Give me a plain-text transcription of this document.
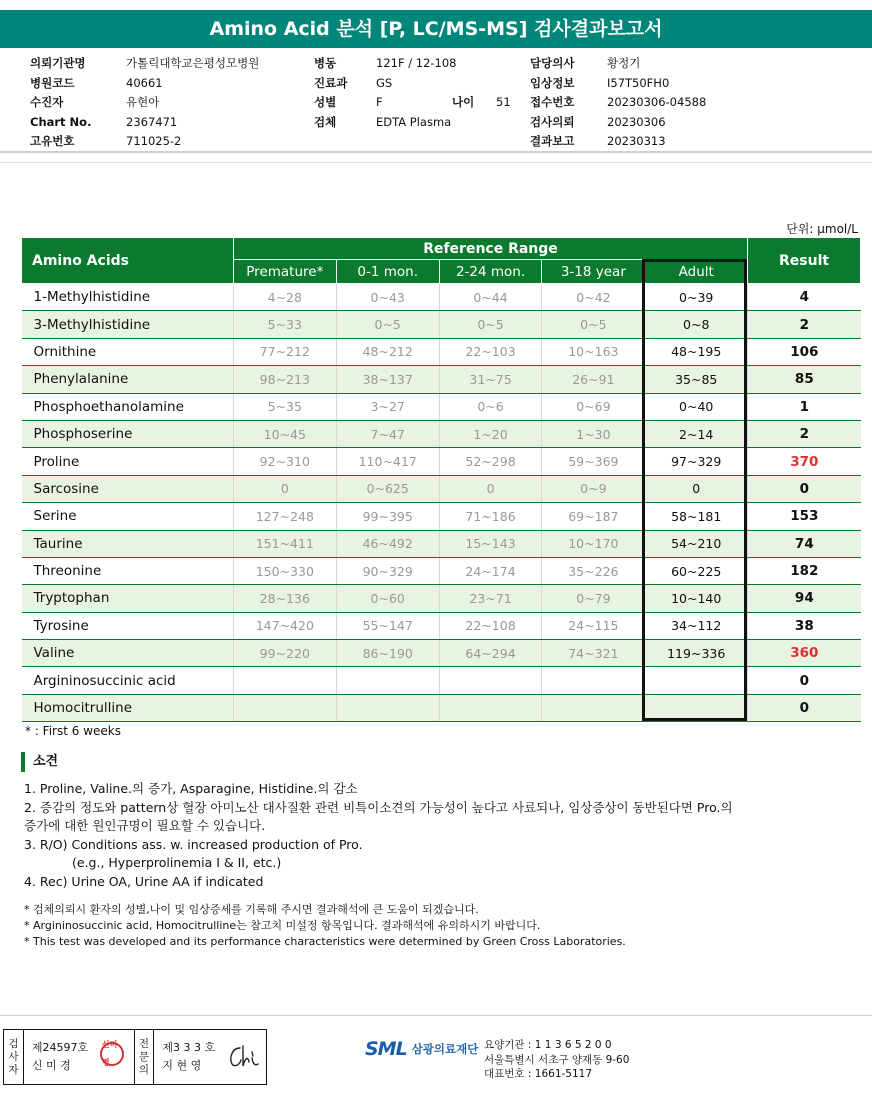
Amino Acid 분석 [P, LC/MS-MS] 검사결과보고서
의뢰기관명	가톨릭대학교은평성모병원
병원코드	40661
수진자	유현아
Chart No.	2367471
고유번호	711025-2
병동	121F / 12-108
진료과 GS
성별	F	나이 51
검체	EDTA Plasma
담당의사	황정기
임상정보	I57T50FH0
접수번호	20230306-04588
검사의뢰	20230306
결과보고	20230313
단위: μmol/L
Amino Acids	Reference Range					Result
	Premature*	0-1 mon.	2-24 mon.	3-18 year	Adult	
1-Methylhistidine	4~28	0~43	0~44	0~42	0~39	4
3-Methylhistidine	5~33	0~5	0~5	0~5	0~8	2
Ornithine	77~212	48~212	22~103	10~163	48~195	106
Phenylalanine	98~213	38~137	31~75	26~91	35~85	85
Phosphoethanolamine	5~35	3~27	0~6	0~69	0~40	1
Phosphoserine	10~45	7~47	1~20	1~30	2~14	2
Proline	92~310	110~417	52~298	59~369	97~329	370
Sarcosine	0	0~625	0	0~9	0	0
Serine	127~248	99~395	71~186	69~187	58~181	153
Taurine	151~411	46~492	15~143	10~170	54~210	74
Threonine	150~330	90~329	24~174	35~226	60~225	182
Tryptophan	28~136	0~60	23~71	0~79	10~140	94
Tyrosine	147~420	55~147	22~108	24~115	34~112	38
Valine	99~220	86~190	64~294	74~321	119~336	360
Argininosuccinic acid						0
Homocitrulline						0
* : First 6 weeks
소견
1. Proline, Valine.의 증가, Asparagine, Histidine.의 감소
2. 증감의 정도와 pattern상 혈장 아미노산 대사질환 관련 비특이소견의 가능성이 높다고 사료되나, 임상증상이 동반된다면 Pro.의
증가에 대한 원인규명이 필요할 수 있습니다.
3. R/O) Conditions ass. w. increased production of Pro.
(e.g., Hyperprolinemia I & II, etc.)
4. Rec) Urine OA, Urine AA if indicated
* 검체의뢰시 환자의 성별,나이 및 임상증세를 기록해 주시면 결과해석에 큰 도움이 되겠습니다.
* Argininosuccinic acid, Homocitrulline는 참고치 미설정 항목입니다. 결과해석에 유의하시기 바랍니다.
* This test was developed and its performance characteristics were determined by Green Cross Laboratories.
검
사
자
제24597호
신 미 경
신미경
전
문
의
제3 3 3 호
지 현 영
SML 삼광의료재단 요양기관 : 1 1 3 6 5 2 0 0
서울특별시 서초구 양재동 9-60
대표번호 : 1661-5117
